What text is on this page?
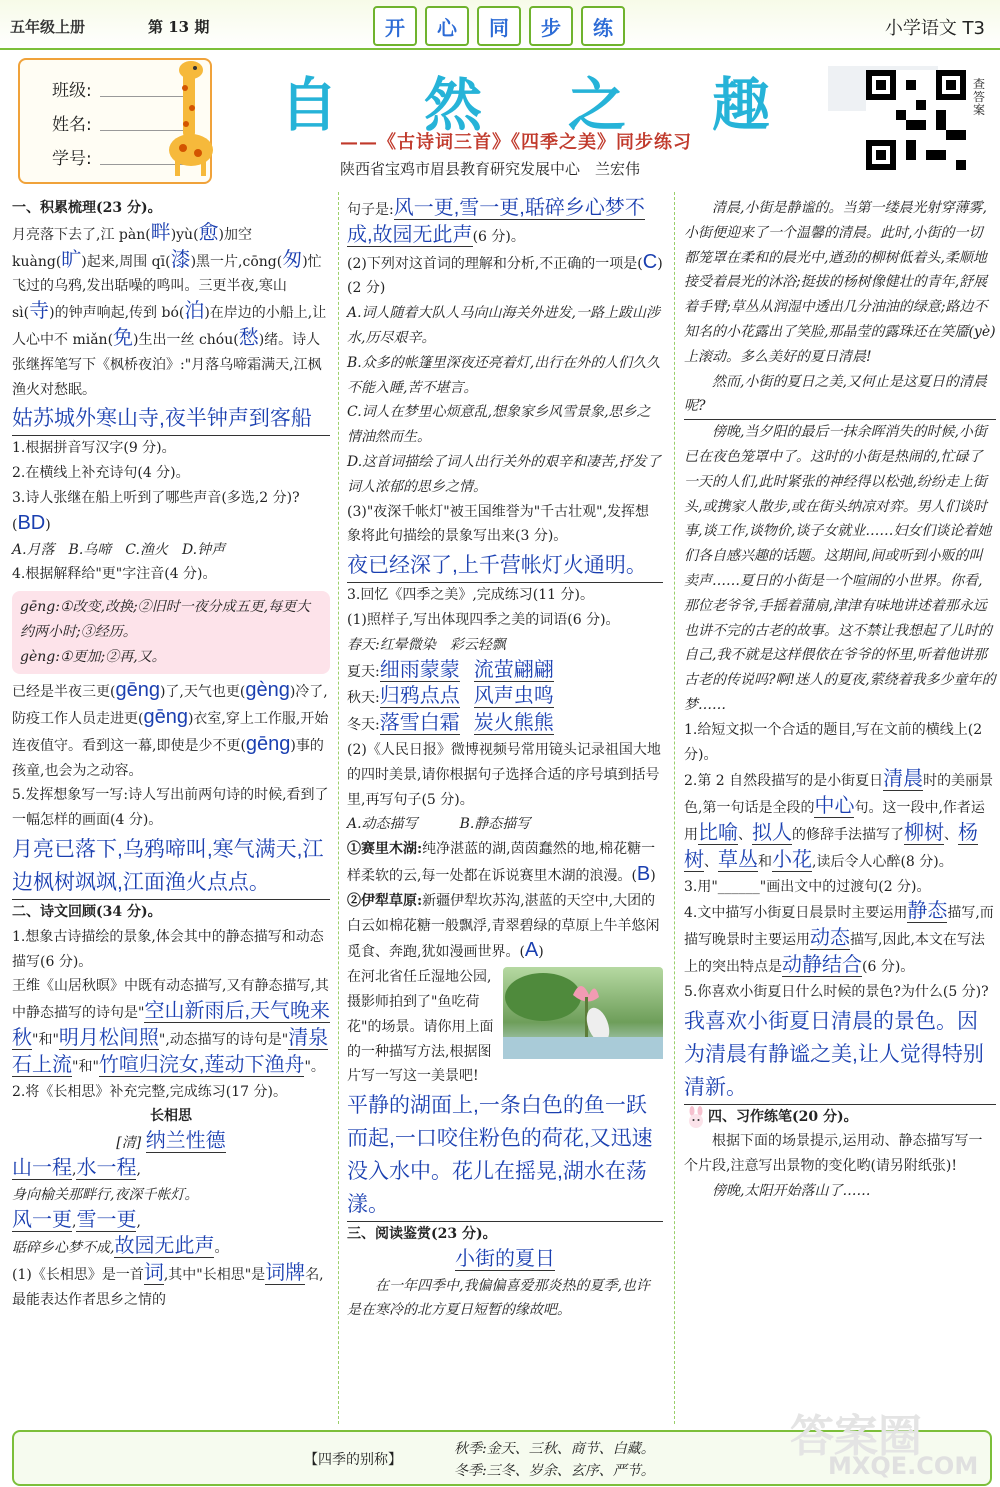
五年级上册	第 13 期	开	心	同	步	练	小学语文 T3
班级:
姓名:
学号:
自 然 之 趣
——《古诗词三首》《四季之美》同步练习
陕西省宝鸡市眉县教育研究发展中心　兰宏伟
查答案

一、积累梳理(23 分)。

月亮落下去了,江 pàn(畔)yù(愈)加空 kuàng(旷)起来,周围 qī(漆)黑一片,cōng(匆)忙飞过的乌鸦,发出聒噪的鸣叫。三更半夜,寒山 sì(寺)的钟声响起,传到 bó(泊)在岸边的小船上,让人心中不 miǎn(免)生出一丝 chóu(愁)绪。诗人张继挥笔写下《枫桥夜泊》:"月落乌啼霜满天,江枫渔火对愁眠。

姑苏城外寒山寺,夜半钟声到客船

1.根据拼音写汉字(9 分)。

2.在横线上补充诗句(4 分)。

3.诗人张继在船上听到了哪些声音(多选,2 分)?(BD)

A.月落　B.乌啼　C.渔火　D.钟声

4.根据解释给"更"字注音(4 分)。

gēng:①改变,改换;②旧时一夜分成五更,每更大约两小时;③经历。
gèng:①更加;②再,又。

已经是半夜三更(gēng)了,天气也更(gèng)冷了,防疫工作人员走进更(gēng)衣室,穿上工作服,开始连夜值守。看到这一幕,即使是少不更(gēng)事的孩童,也会为之动容。

5.发挥想象写一写:诗人写出前两句诗的时候,看到了一幅怎样的画面(4 分)。

月亮已落下,乌鸦啼叫,寒气满天,江边枫树飒飒,江面渔火点点。

二、诗文回顾(34 分)。

1.想象古诗描绘的景象,体会其中的静态描写和动态描写(6 分)。

王维《山居秋暝》中既有动态描写,又有静态描写,其中静态描写的诗句是"空山新雨后,天气晚来秋"和"明月松间照",动态描写的诗句是"清泉石上流"和"竹喧归浣女,莲动下渔舟"。

2.将《长相思》补充完整,完成练习(17 分)。

长相思

[清] 纳兰性德

山一程,水一程,

身向榆关那畔行,夜深千帐灯。

风一更,雪一更,

聒碎乡心梦不成,故园无此声。

(1)《长相思》是一首词,其中"长相思"是词牌名,最能表达作者思乡之情的

句子是:风一更,雪一更,聒碎乡心梦不成,故园无此声(6 分)。

(2)下列对这首词的理解和分析,不正确的一项是(C)(2 分)

A.词人随着大队人马向山海关外进发,一路上跋山涉水,历尽艰辛。

B.众多的帐篷里深夜还亮着灯,出行在外的人们久久不能入睡,苦不堪言。

C.词人在梦里心烦意乱,想象家乡风雪景象,思乡之情油然而生。

D.这首词描绘了词人出行关外的艰辛和凄苦,抒发了词人浓郁的思乡之情。

(3)"夜深千帐灯"被王国维誉为"千古壮观",发挥想象将此句描绘的景象写出来(3 分)。

夜已经深了,上千营帐灯火通明。

3.回忆《四季之美》,完成练习(11 分)。

(1)照样子,写出体现四季之美的词语(6 分)。

春天:红晕微染　彩云轻飘

夏天:细雨蒙蒙　 流萤翩翩

秋天:归鸦点点　 风声虫鸣

冬天:落雪白霜　 炭火熊熊

(2)《人民日报》微博视频号常用镜头记录祖国大地的四时美景,请你根据句子选择合适的序号填到括号里,再写句子(5 分)。

A.动态描写　　　	B.静态描写

①赛里木湖:纯净湛蓝的湖,茵茵蠢然的地,棉花糖一样柔软的云,每一处都在诉说赛里木湖的浪漫。(B)

②伊犁草原:新疆伊犁坎苏沟,湛蓝的天空中,大团的白云如棉花糖一般飘浮,青翠碧绿的草原上牛羊悠闲觅食、奔跑,犹如漫画世界。(A)

在河北省任丘湿地公园,摄影师拍到了"鱼吃荷花"的场景。请你用上面的一种描写方法,根据图片写一写这一美景吧!

平静的湖面上,一条白色的鱼一跃而起,一口咬住粉色的荷花,又迅速没入水中。花儿在摇晃,湖水在荡漾。

三、阅读鉴赏(23 分)。

小街的夏日

在一年四季中,我偏偏喜爱那炎热的夏季,也许是在寒冷的北方夏日短暂的缘故吧。

清晨,小街是静谧的。当第一缕晨光射穿薄雾,小街便迎来了一个温馨的清晨。此时,小街的一切都笼罩在柔和的晨光中,遒劲的柳树低着头,柔顺地接受着晨光的沐浴;挺拔的杨树像健壮的青年,舒展着手臂;草丛从润湿中透出几分油油的绿意;路边不知名的小花露出了笑脸,那晶莹的露珠还在笑靥(yè)上滚动。多么美好的夏日清晨!

然而,小街的夏日之美,又何止是这夏日的清晨呢?

傍晚,当夕阳的最后一抹余晖消失的时候,小街已在夜色笼罩中了。这时的小街是热闹的,忙碌了一天的人们,此时紧张的神经得以松弛,纷纷走上街头,或携家人散步,或在街头纳凉对弈。男人们谈时事,谈工作,谈物价,谈子女就业……妇女们谈论着她们各自感兴趣的话题。这期间,间或听到小贩的叫卖声……夏日的小街是一个喧闹的小世界。你看,那位老爷爷,手摇着蒲扇,津津有味地讲述着那永远也讲不完的古老的故事。这不禁让我想起了儿时的自己,我不就是这样偎依在爷爷的怀里,听着他讲那古老的传说吗?啊!迷人的夏夜,萦绕着我多少童年的梦……

1.给短文拟一个合适的题目,写在文前的横线上(2 分)。

2.第 2 自然段描写的是小街夏日清晨时的美丽景色,第一句话是全段的中心句。这一段中,作者运用比喻、拟人的修辞手法描写了柳树、杨树、草丛和小花,读后令人心醉(8 分)。

3.用"______"画出文中的过渡句(2 分)。

4.文中描写小街夏日晨景时主要运用静态描写,而描写晚景时主要运用动态描写,因此,本文在写法上的突出特点是动静结合(6 分)。

5.你喜欢小街夏日什么时候的景色?为什么(5 分)?

我喜欢小街夏日清晨的景色。因为清晨有静谧之美,让人觉得特别清新。

四、习作练笔(20 分)。

根据下面的场景提示,运用动、静态描写写一个片段,注意写出景物的变化哟(请另附纸张)!

傍晚,太阳开始落山了……

【四季的别称】
秋季:金天、三秋、商节、白藏。
冬季:三冬、岁余、玄序、严节。
答案圈
MXQE.COM
